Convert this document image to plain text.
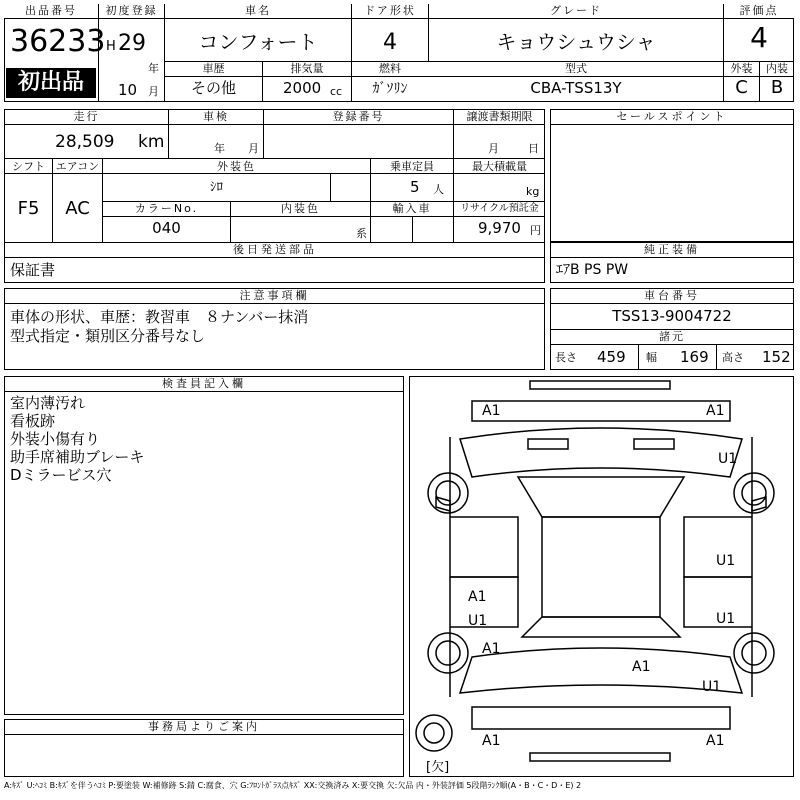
出品番号
36233
初出品
初度登録
H 29
年
10 月
車名
コンフォート
ドア形状
4
グレード
キョウシュウシャ
評価点
4
車歴
その他
排気量
2000 cc
燃料
ｶﾞｿﾘﾝ
型式
CBA-TSS13Y
外装	内装
C	B
走行
28,509 km
車検
年 月
登録番号	譲渡書類期限
月	日
シフト
F5
エアコン
AC
外装色
ｼﾛ
乗車定員
5 人
最大積載量
kg
カラーNo.
040
内装色
系
輸入車	リサイクル預託金
9,970 円
後日発送部品
保証書
セールスポイント
純正装備
ｴｱB PS PW
注意事項欄
車体の形状、車歴：教習車　８ナンバー抹消
型式指定・類別区分番号なし
車台番号
TSS13-9004722
諸元
長さ 459 幅 169 高さ 152
検査員記入欄
室内薄汚れ
看板跡
外装小傷有り
助手席補助ブレーキ
Dミラービス穴
事務局よりご案内
A1	A1
U1
U1
U1
A1
U1
A1
A1
U1
A1	A1
[欠]
A:ｷｽﾞ U:ﾍｺﾐ B:ｷｽﾞを伴うﾍｺﾐ P:要塗装 W:補修跡 S:錆 C:腐食、穴 G:ﾌﾛﾝﾄｶﾞﾗｽ点ｷｽﾞ XX:交換済み X:要交換 欠:欠品 内・外装評価 5段階ﾗﾝｸ順(A・B・C・D・E) 2
